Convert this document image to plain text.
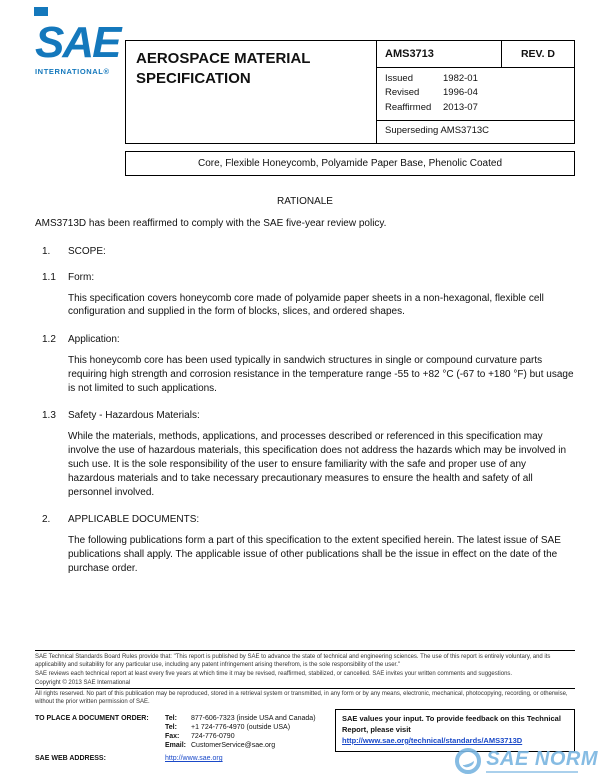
SAE
INTERNATIONAL®
AEROSPACE MATERIAL
SPECIFICATION
AMS3713	REV. D
Issued	1982-01
Revised	1996-04
Reaffirmed	2013-07
Superseding AMS3713C
Core, Flexible Honeycomb, Polyamide Paper Base, Phenolic Coated
RATIONALE
AMS3713D has been reaffirmed to comply with the SAE five-year review policy.
1. SCOPE:
1.1 Form:
This specification covers honeycomb core made of polyamide paper sheets in a non-hexagonal, flexible cell configuration and supplied in the form of blocks, slices, and ordered shapes.
1.2 Application:
This honeycomb core has been used typically in sandwich structures in single or compound curvature parts requiring high strength and corrosion resistance in the temperature range -55 to +82 °C (-67 to +180 °F) but usage is not limited to such applications.
1.3 Safety - Hazardous Materials:
While the materials, methods, applications, and processes described or referenced in this specification may involve the use of hazardous materials, this specification does not address the hazards which may be involved in such use. It is the sole responsibility of the user to ensure familiarity with the safe and proper use of any hazardous materials and to take necessary precautionary measures to ensure the health and safety of all personnel involved.
2. APPLICABLE DOCUMENTS:
The following publications form a part of this specification to the extent specified herein. The latest issue of SAE publications shall apply. The applicable issue of other publications shall be the issue in effect on the date of the purchase order.
SAE Technical Standards Board Rules provide that: "This report is published by SAE to advance the state of technical and engineering sciences. The use of this report is entirely voluntary, and its applicability and suitability for any particular use, including any patent infringement arising therefrom, is the sole responsibility of the user."
SAE reviews each technical report at least every five years at which time it may be revised, reaffirmed, stabilized, or cancelled. SAE invites your written comments and suggestions.
Copyright © 2013 SAE International
All rights reserved. No part of this publication may be reproduced, stored in a retrieval system or transmitted, in any form or by any means, electronic, mechanical, photocopying, recording, or otherwise, without the prior written permission of SAE.
TO PLACE A DOCUMENT ORDER:	Tel:	877-606-7323 (inside USA and Canada)
Tel:	+1 724-776-4970 (outside USA)
Fax:	724-776-0790
Email: CustomerService@sae.org
SAE WEB ADDRESS:	http://www.sae.org
SAE values your input. To provide feedback on this Technical Report, please visit http://www.sae.org/technical/standards/AMS3713D
SAE NORM
